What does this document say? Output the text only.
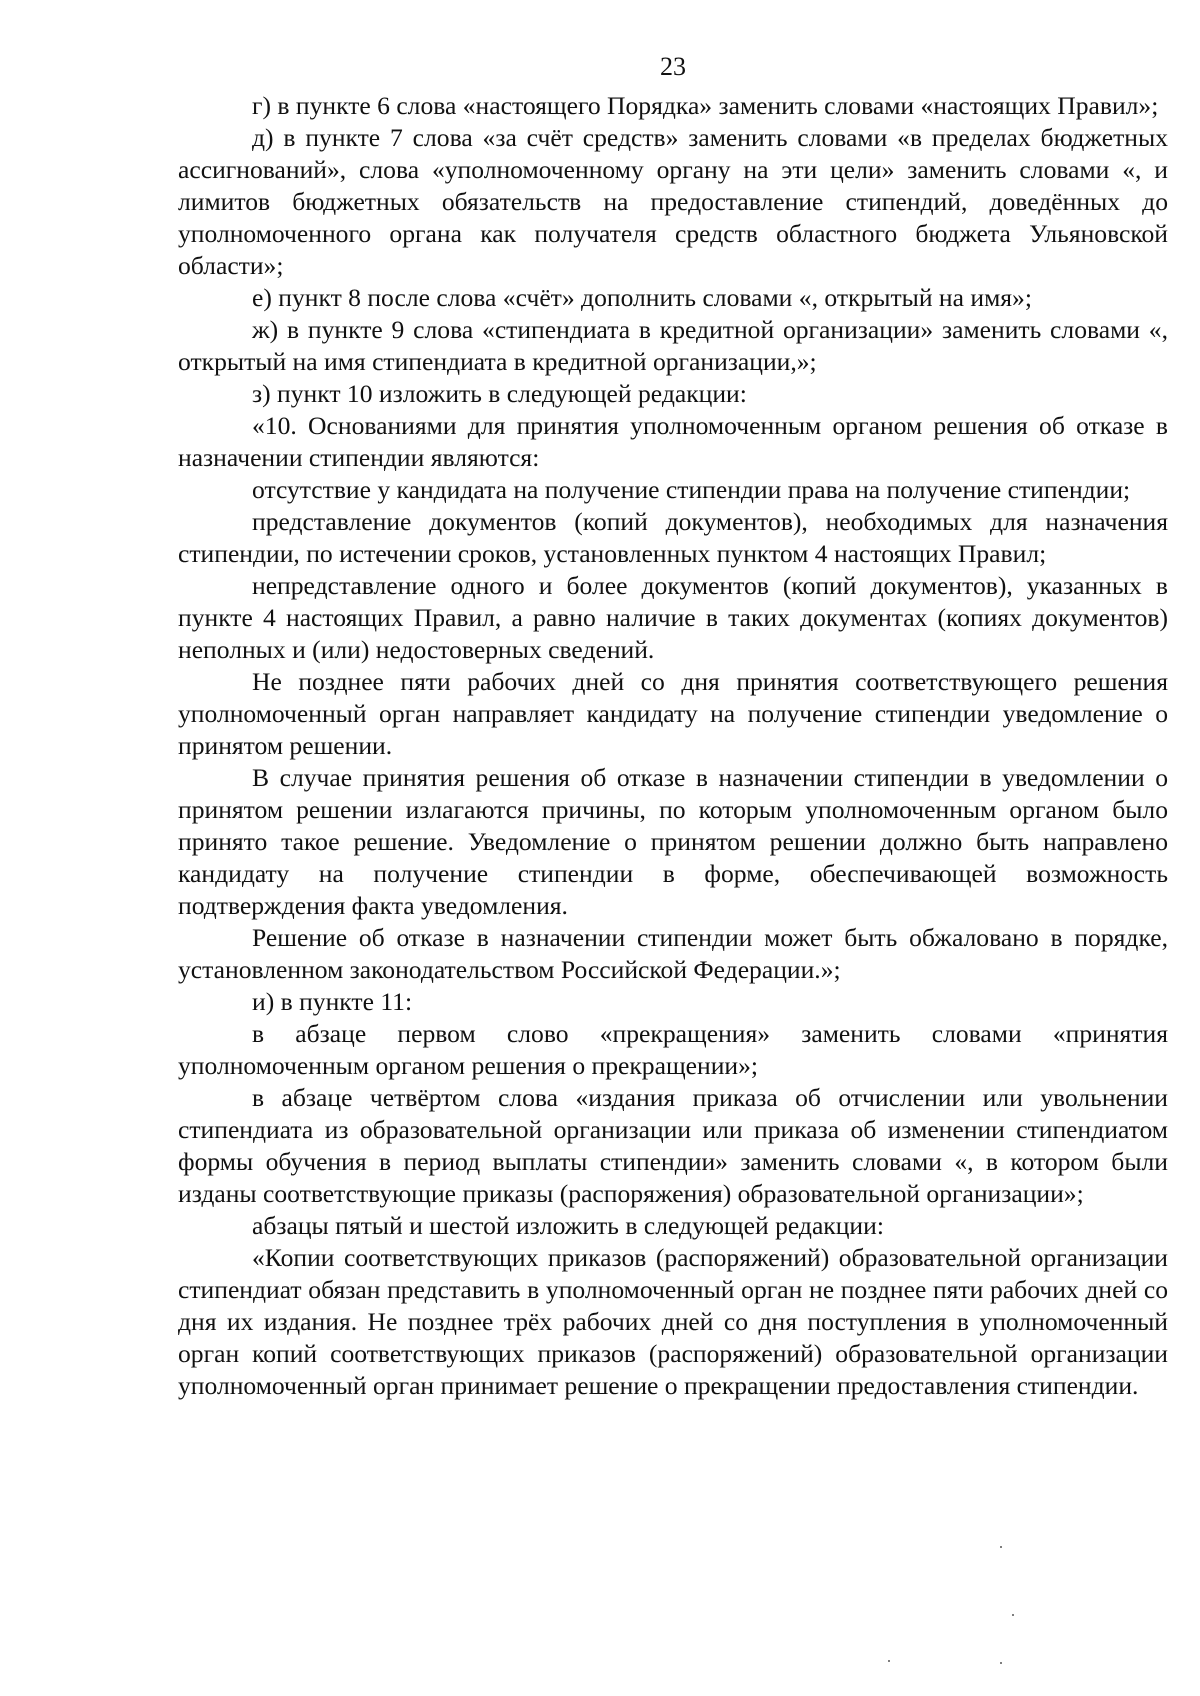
23

г) в пункте 6 слова «настоящего Порядка» заменить словами «настоящих Правил»;

д) в пункте 7 слова «за счёт средств» заменить словами «в пределах бюджетных ассигнований», слова «уполномоченному органу на эти цели» заменить словами «, и лимитов бюджетных обязательств на предоставление стипендий, доведённых до уполномоченного органа как получателя средств областного бюджета Ульяновской области»;

е) пункт 8 после слова «счёт» дополнить словами «, открытый на имя»;

ж) в пункте 9 слова «стипендиата в кредитной организации» заменить словами «, открытый на имя стипендиата в кредитной организации,»;

з) пункт 10 изложить в следующей редакции:

«10. Основаниями для принятия уполномоченным органом решения об отказе в назначении стипендии являются:

отсутствие у кандидата на получение стипендии права на получение стипендии;

представление документов (копий документов), необходимых для назначения стипендии, по истечении сроков, установленных пунктом 4 настоящих Правил;

непредставление одного и более документов (копий документов), указанных в пункте 4 настоящих Правил, а равно наличие в таких документах (копиях документов) неполных и (или) недостоверных сведений.

Не позднее пяти рабочих дней со дня принятия соответствующего решения уполномоченный орган направляет кандидату на получение стипендии уведомление о принятом решении.

В случае принятия решения об отказе в назначении стипендии в уведомлении о принятом решении излагаются причины, по которым уполномоченным органом было принято такое решение. Уведомление о принятом решении должно быть направлено кандидату на получение стипендии в форме, обеспечивающей возможность подтверждения факта уведомления.

Решение об отказе в назначении стипендии может быть обжаловано в порядке, установленном законодательством Российской Федерации.»;

и) в пункте 11:

в абзаце первом слово «прекращения» заменить словами «принятия уполномоченным органом решения о прекращении»;

в абзаце четвёртом слова «издания приказа об отчислении или увольнении стипендиата из образовательной организации или приказа об изменении стипендиатом формы обучения в период выплаты стипендии» заменить словами «, в котором были изданы соответствующие приказы (распоряжения) образовательной организации»;

абзацы пятый и шестой изложить в следующей редакции:

«Копии соответствующих приказов (распоряжений) образовательной организации стипендиат обязан представить в уполномоченный орган не позднее пяти рабочих дней со дня их издания. Не позднее трёх рабочих дней со дня поступления в уполномоченный орган копий соответствующих приказов (распоряжений) образовательной организации уполномоченный орган принимает решение о прекращении предоставления стипендии.
